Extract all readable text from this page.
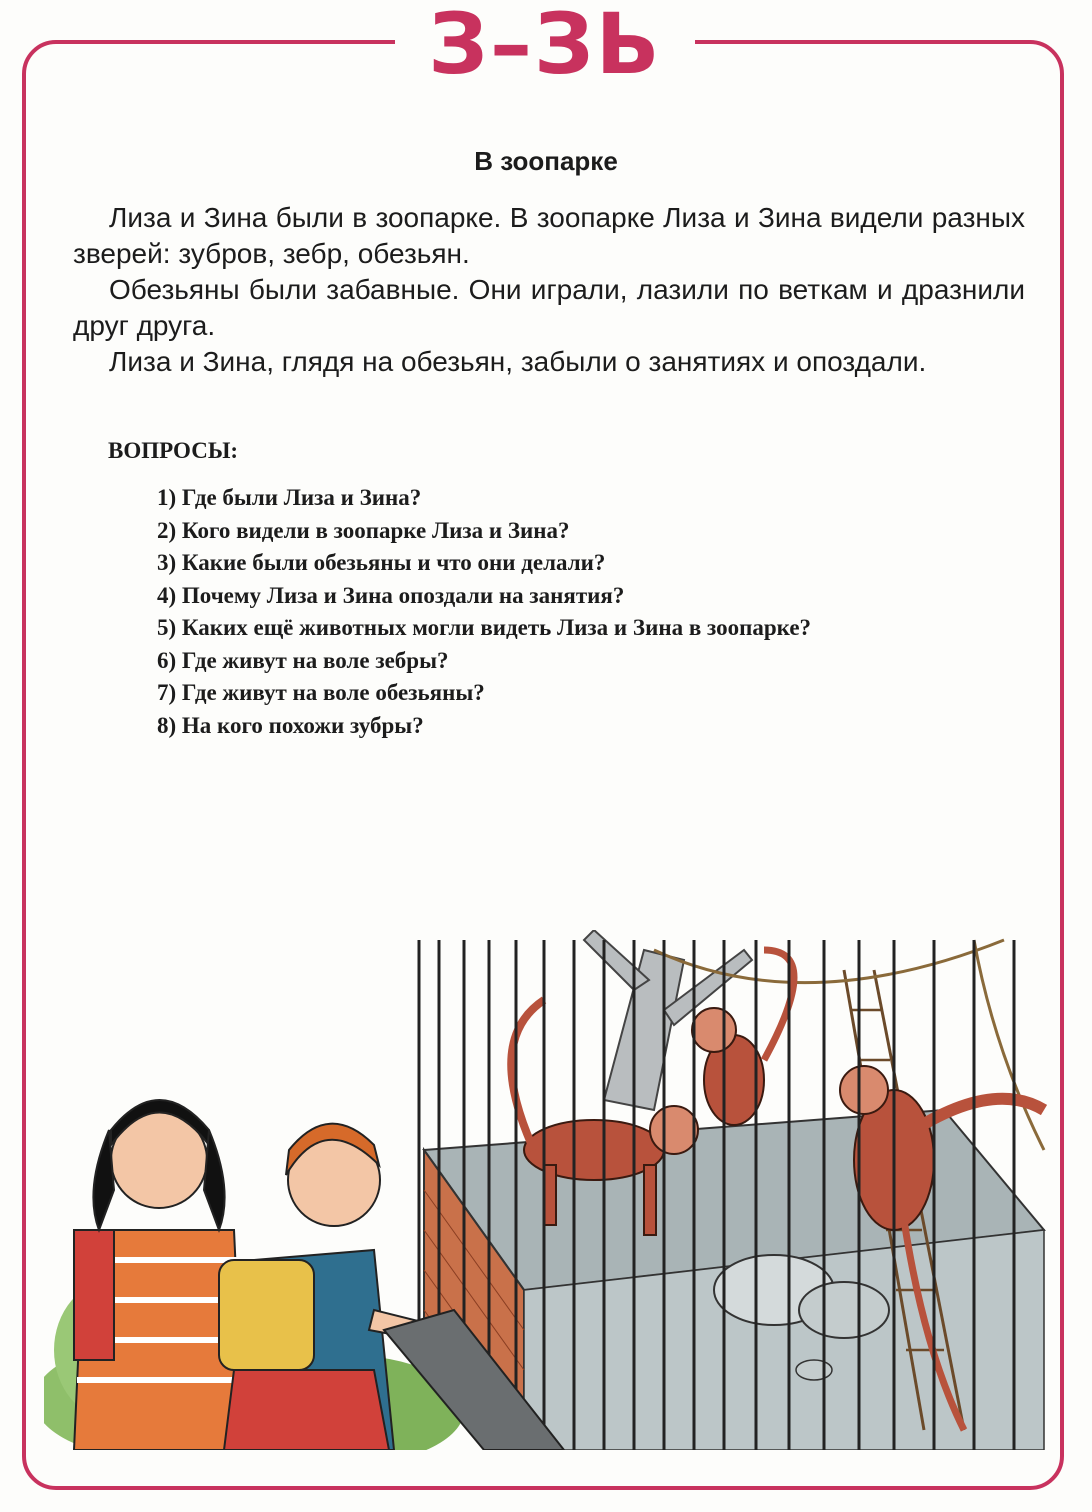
З–ЗЬ
В зоопарке

Лиза и Зина были в зоопарке. В зоопарке Лиза и Зина видели разных зверей: зубров, зебр, обезьян.

Обезьяны были забавные. Они играли, лазили по веткам и дразнили друг друга.

Лиза и Зина, глядя на обезьян, забыли о занятиях и опоздали.

ВОПРОСЫ:
1) Где были Лиза и Зина?
2) Кого видели в зоопарке Лиза и Зина?
3) Какие были обезьяны и что они делали?
4) Почему Лиза и Зина опоздали на занятия?
5) Каких ещё животных могли видеть Лиза и Зина в зоопарке?
6) Где живут на воле зебры?
7) Где живут на воле обезьяны?
8) На кого похожи зубры?
